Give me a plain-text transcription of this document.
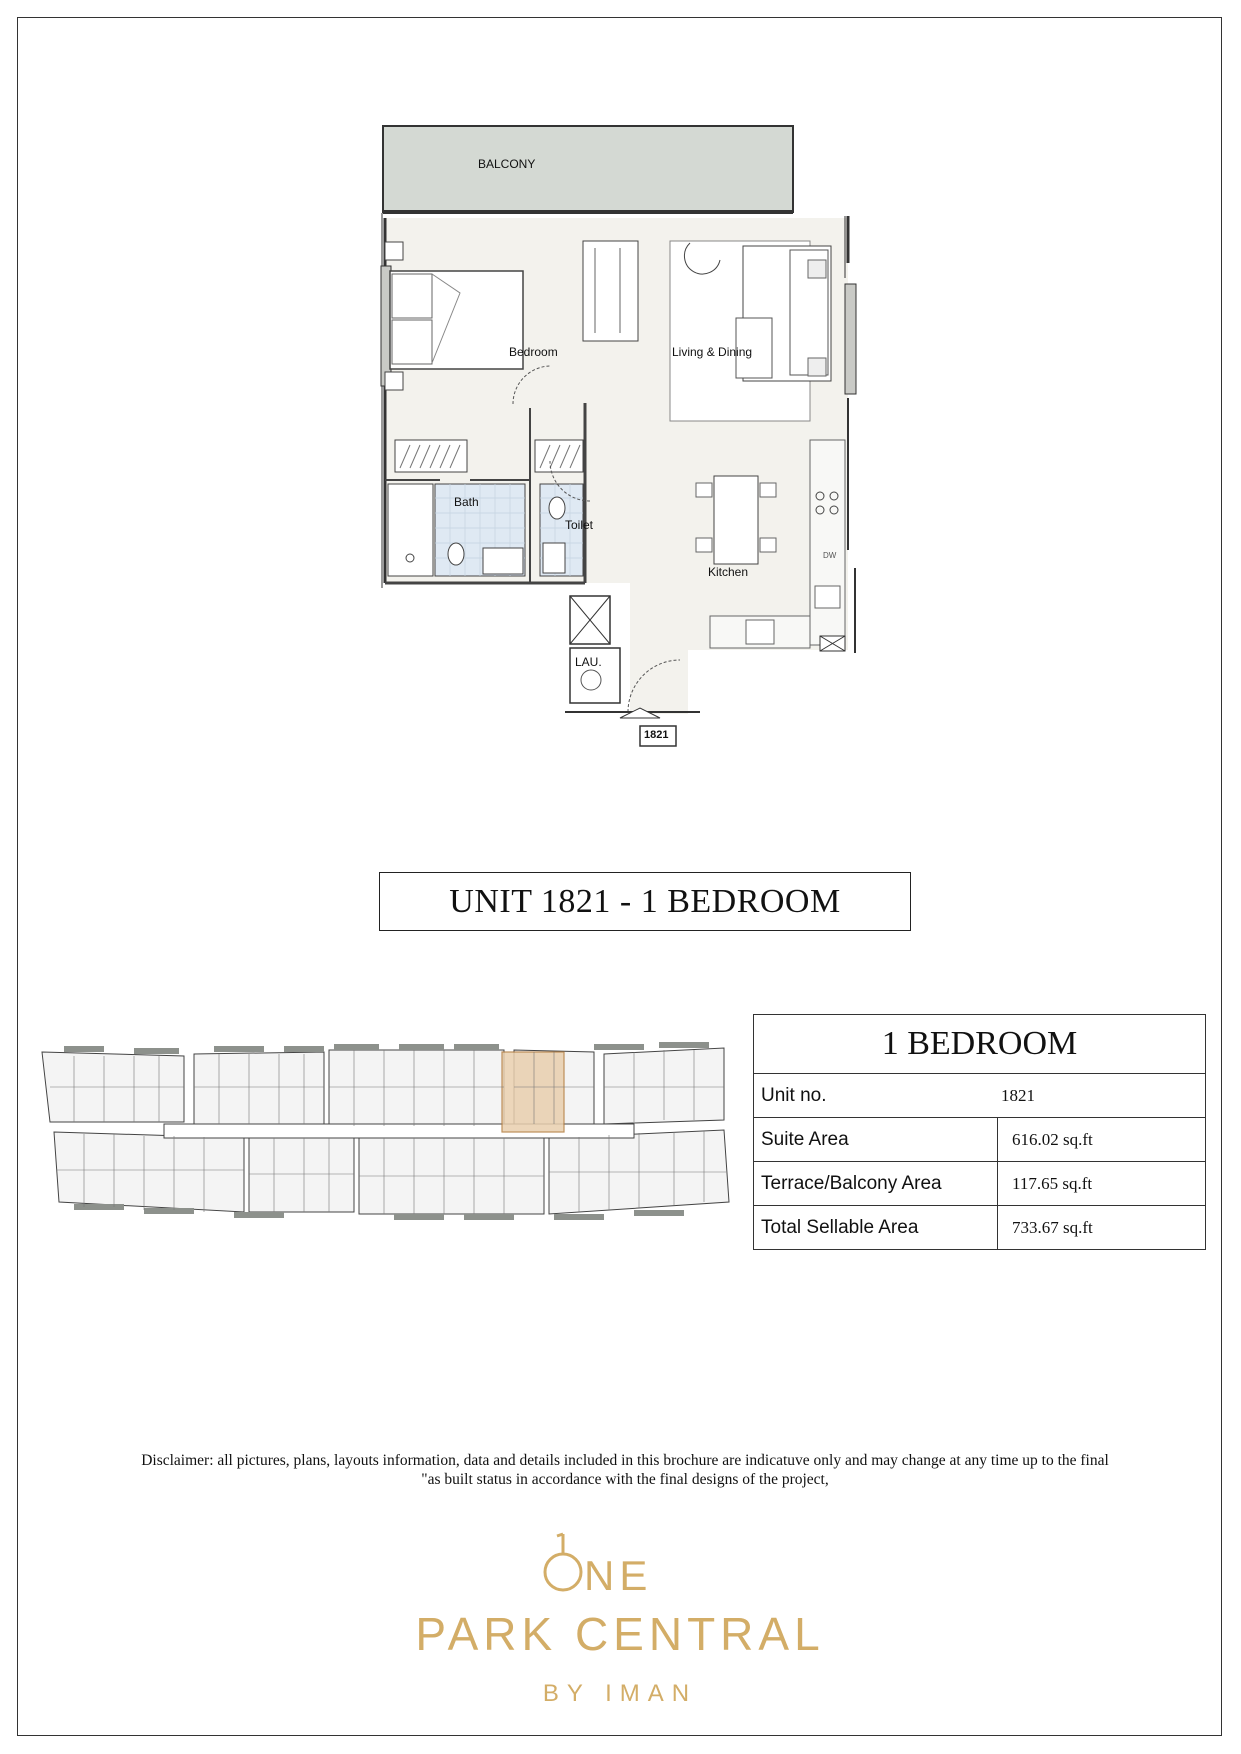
BALCONY
Bedroom	Living & Dining
Bath
Toilet
Kitchen
LAU.
DW
1821
UNIT 1821 - 1 BEDROOM
1 BEDROOM	
Unit no. 1821	

Suite Area	616.02 sq.ft
Terrace/Balcony Area	117.65 sq.ft
Total Sellable Area	733.67 sq.ft
Disclaimer: all pictures, plans, layouts information, data and details included in this brochure are indicatuve only and may change at any time up to the final
"as built status in accordance with the final designs of the project,
NE
PARK CENTRAL
BY IMAN
